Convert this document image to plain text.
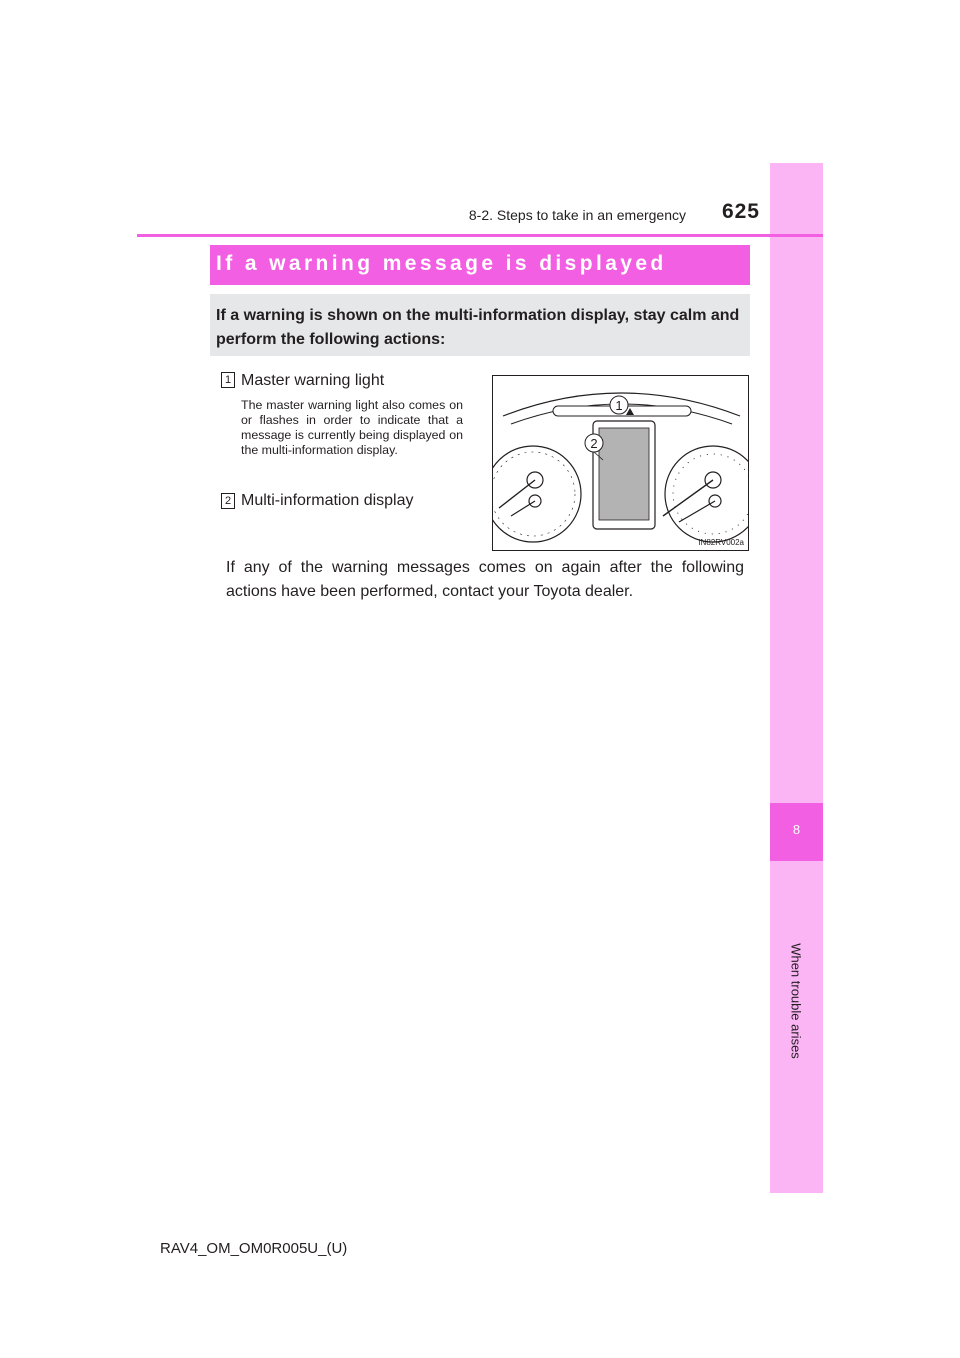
8
When trouble arises
8-2. Steps to take in an emergency	625
If a warning message is displayed
If a warning is shown on the multi-information display, stay calm and perform the following actions:
1 Master warning light
The master warning light also comes on or flashes in order to indicate that a message is currently being displayed on the multi-information display.
2 Multi-information display
1
2
IN82RV002a
If any of the warning messages comes on again after the following actions have been performed, contact your Toyota dealer.
RAV4_OM_OM0R005U_(U)
